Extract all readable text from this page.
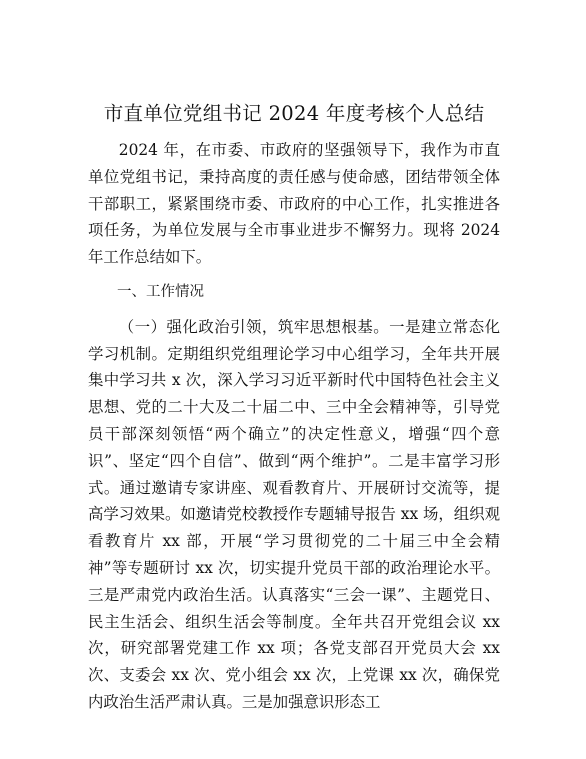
市直单位党组书记 2024 年度考核个人总结

2024 年，在市委、市政府的坚强领导下，我作为市直单位党组书记，秉持高度的责任感与使命感，团结带领全体干部职工，紧紧围绕市委、市政府的中心工作，扎实推进各项任务，为单位发展与全市事业进步不懈努力。现将 2024 年工作总结如下。

一、工作情况

（一）强化政治引领，筑牢思想根基。一是建立常态化学习机制。定期组织党组理论学习中心组学习，全年共开展集中学习共 x 次，深入学习习近平新时代中国特色社会主义思想、党的二十大及二十届二中、三中全会精神等，引导党员干部深刻领悟“两个确立”的决定性意义，增强“四个意识”、坚定“四个自信”、做到“两个维护”。二是丰富学习形式。通过邀请专家讲座、观看教育片、开展研讨交流等，提高学习效果。如邀请党校教授作专题辅导报告 xx 场，组织观看教育片 xx 部，开展“学习贯彻党的二十届三中全会精神”等专题研讨 xx 次，切实提升党员干部的政治理论水平。三是严肃党内政治生活。认真落实“三会一课”、主题党日、民主生活会、组织生活会等制度。全年共召开党组会议 xx 次，研究部署党建工作 xx 项；各党支部召开党员大会 xx 次、支委会 xx 次、党小组会 xx 次，上党课 xx 次，确保党内政治生活严肃认真。三是加强意识形态工
